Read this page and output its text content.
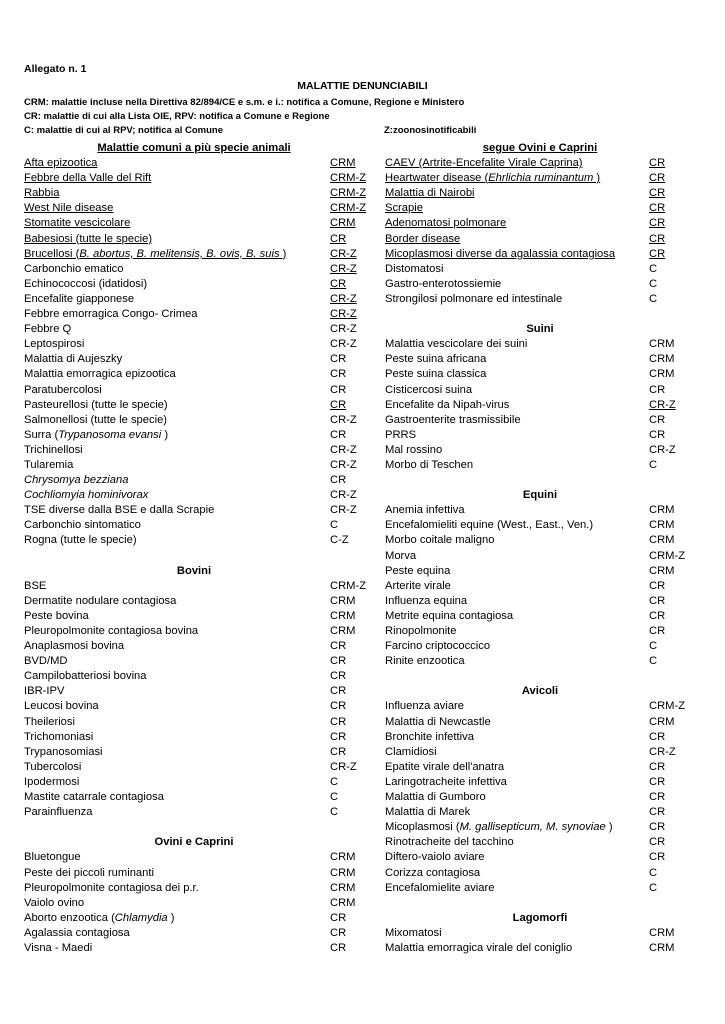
Allegato n. 1
MALATTIE DENUNCIABILI
CRM: malattie incluse nella Direttiva 82/894/CE e s.m. e i.: notifica a Comune, Regione e Ministero
CR: malattie di cui alla Lista OIE, RPV: notifica a Comune e Regione
C: malattie di cui al RPV; notifica al Comune	Z:zoonosinotificabili
Malattie comuni a più specie animali
Afta epizootica	CRM
Febbre della Valle del Rift	CRM-Z
Rabbia	CRM-Z
West Nile disease	CRM-Z
Stomatite vescicolare	CRM
Babesiosi (tutte le specie)	CR
Brucellosi (B. abortus, B. melitensis, B. ovis, B. suis )	CR-Z
Carbonchio ematico	CR-Z
Echinococcosi (idatidosi)	CR
Encefalite giapponese	CR-Z
Febbre emorragica Congo- Crimea	CR-Z
Febbre Q	CR-Z
Leptospirosi	CR-Z
Malattia di Aujeszky	CR
Malattia emorragica epizootica	CR
Paratubercolosi	CR
Pasteurellosi (tutte le specie)	CR
Salmonellosi (tutte le specie)	CR-Z
Surra (Trypanosoma evansi )	CR
Trichinellosi	CR-Z
Tularemia	CR-Z
Chrysomya bezziana	CR
Cochliomyia hominivorax	CR-Z
TSE diverse dalla BSE e dalla Scrapie	CR-Z
Carbonchio sintomatico	C
Rogna (tutte le specie)	C-Z
Bovini
BSE	CRM-Z
Dermatite nodulare contagiosa	CRM
Peste bovina	CRM
Pleuropolmonite contagiosa bovina	CRM
Anaplasmosi bovina	CR
BVD/MD	CR
Campilobatteriosi bovina	CR
IBR-IPV	CR
Leucosi bovina	CR
Theileriosi	CR
Trichomoniasi	CR
Trypanosomiasi	CR
Tubercolosi	CR-Z
Ipodermosi	C
Mastite catarrale contagiosa	C
Parainfluenza	C
Ovini e Caprini
Bluetongue	CRM
Peste dei piccoli ruminanti	CRM
Pleuropolmonite contagiosa dei p.r.	CRM
Vaiolo ovino	CRM
Aborto enzootica (Chlamydia )	CR
Agalassia contagiosa	CR
Visna - Maedi	CR
segue Ovini e Caprini
CAEV (Artrite-Encefalite Virale Caprina)	CR
Heartwater disease (Ehrlichia ruminantum )	CR
Malattia di Nairobi	CR
Scrapie	CR
Adenomatosi polmonare	CR
Border disease	CR
Micoplasmosi diverse da agalassia contagiosa	CR
Distomatosi	C
Gastro-enterotossiemie	C
Strongilosi polmonare ed intestinale	C
Suini
Malattia vescicolare dei suini	CRM
Peste suina africana	CRM
Peste suina classica	CRM
Cisticercosi suina	CR
Encefalite da Nipah-virus	CR-Z
Gastroenterite trasmissibile	CR
PRRS	CR
Mal rossino	CR-Z
Morbo di Teschen	C
Equini
Anemia infettiva	CRM
Encefalomieliti equine (West., East., Ven.)	CRM
Morbo coitale maligno	CRM
Morva	CRM-Z
Peste equina	CRM
Arterite virale	CR
Influenza equina	CR
Metrite equina contagiosa	CR
Rinopolmonite	CR
Farcino criptococcico	C
Rinite enzootica	C
Avicoli
Influenza aviare	CRM-Z
Malattia di Newcastle	CRM
Bronchite infettiva	CR
Clamidiosi	CR-Z
Epatite virale dell'anatra	CR
Laringotracheite infettiva	CR
Malattia di Gumboro	CR
Malattia di Marek	CR
Micoplasmosi (M. gallisepticum, M. synoviae )	CR
Rinotracheite del tacchino	CR
Diftero-vaiolo aviare	CR
Corizza contagiosa	C
Encefalomielite aviare	C
Lagomorfi
Mixomatosi	CRM
Malattia emorragica virale del coniglio	CRM
